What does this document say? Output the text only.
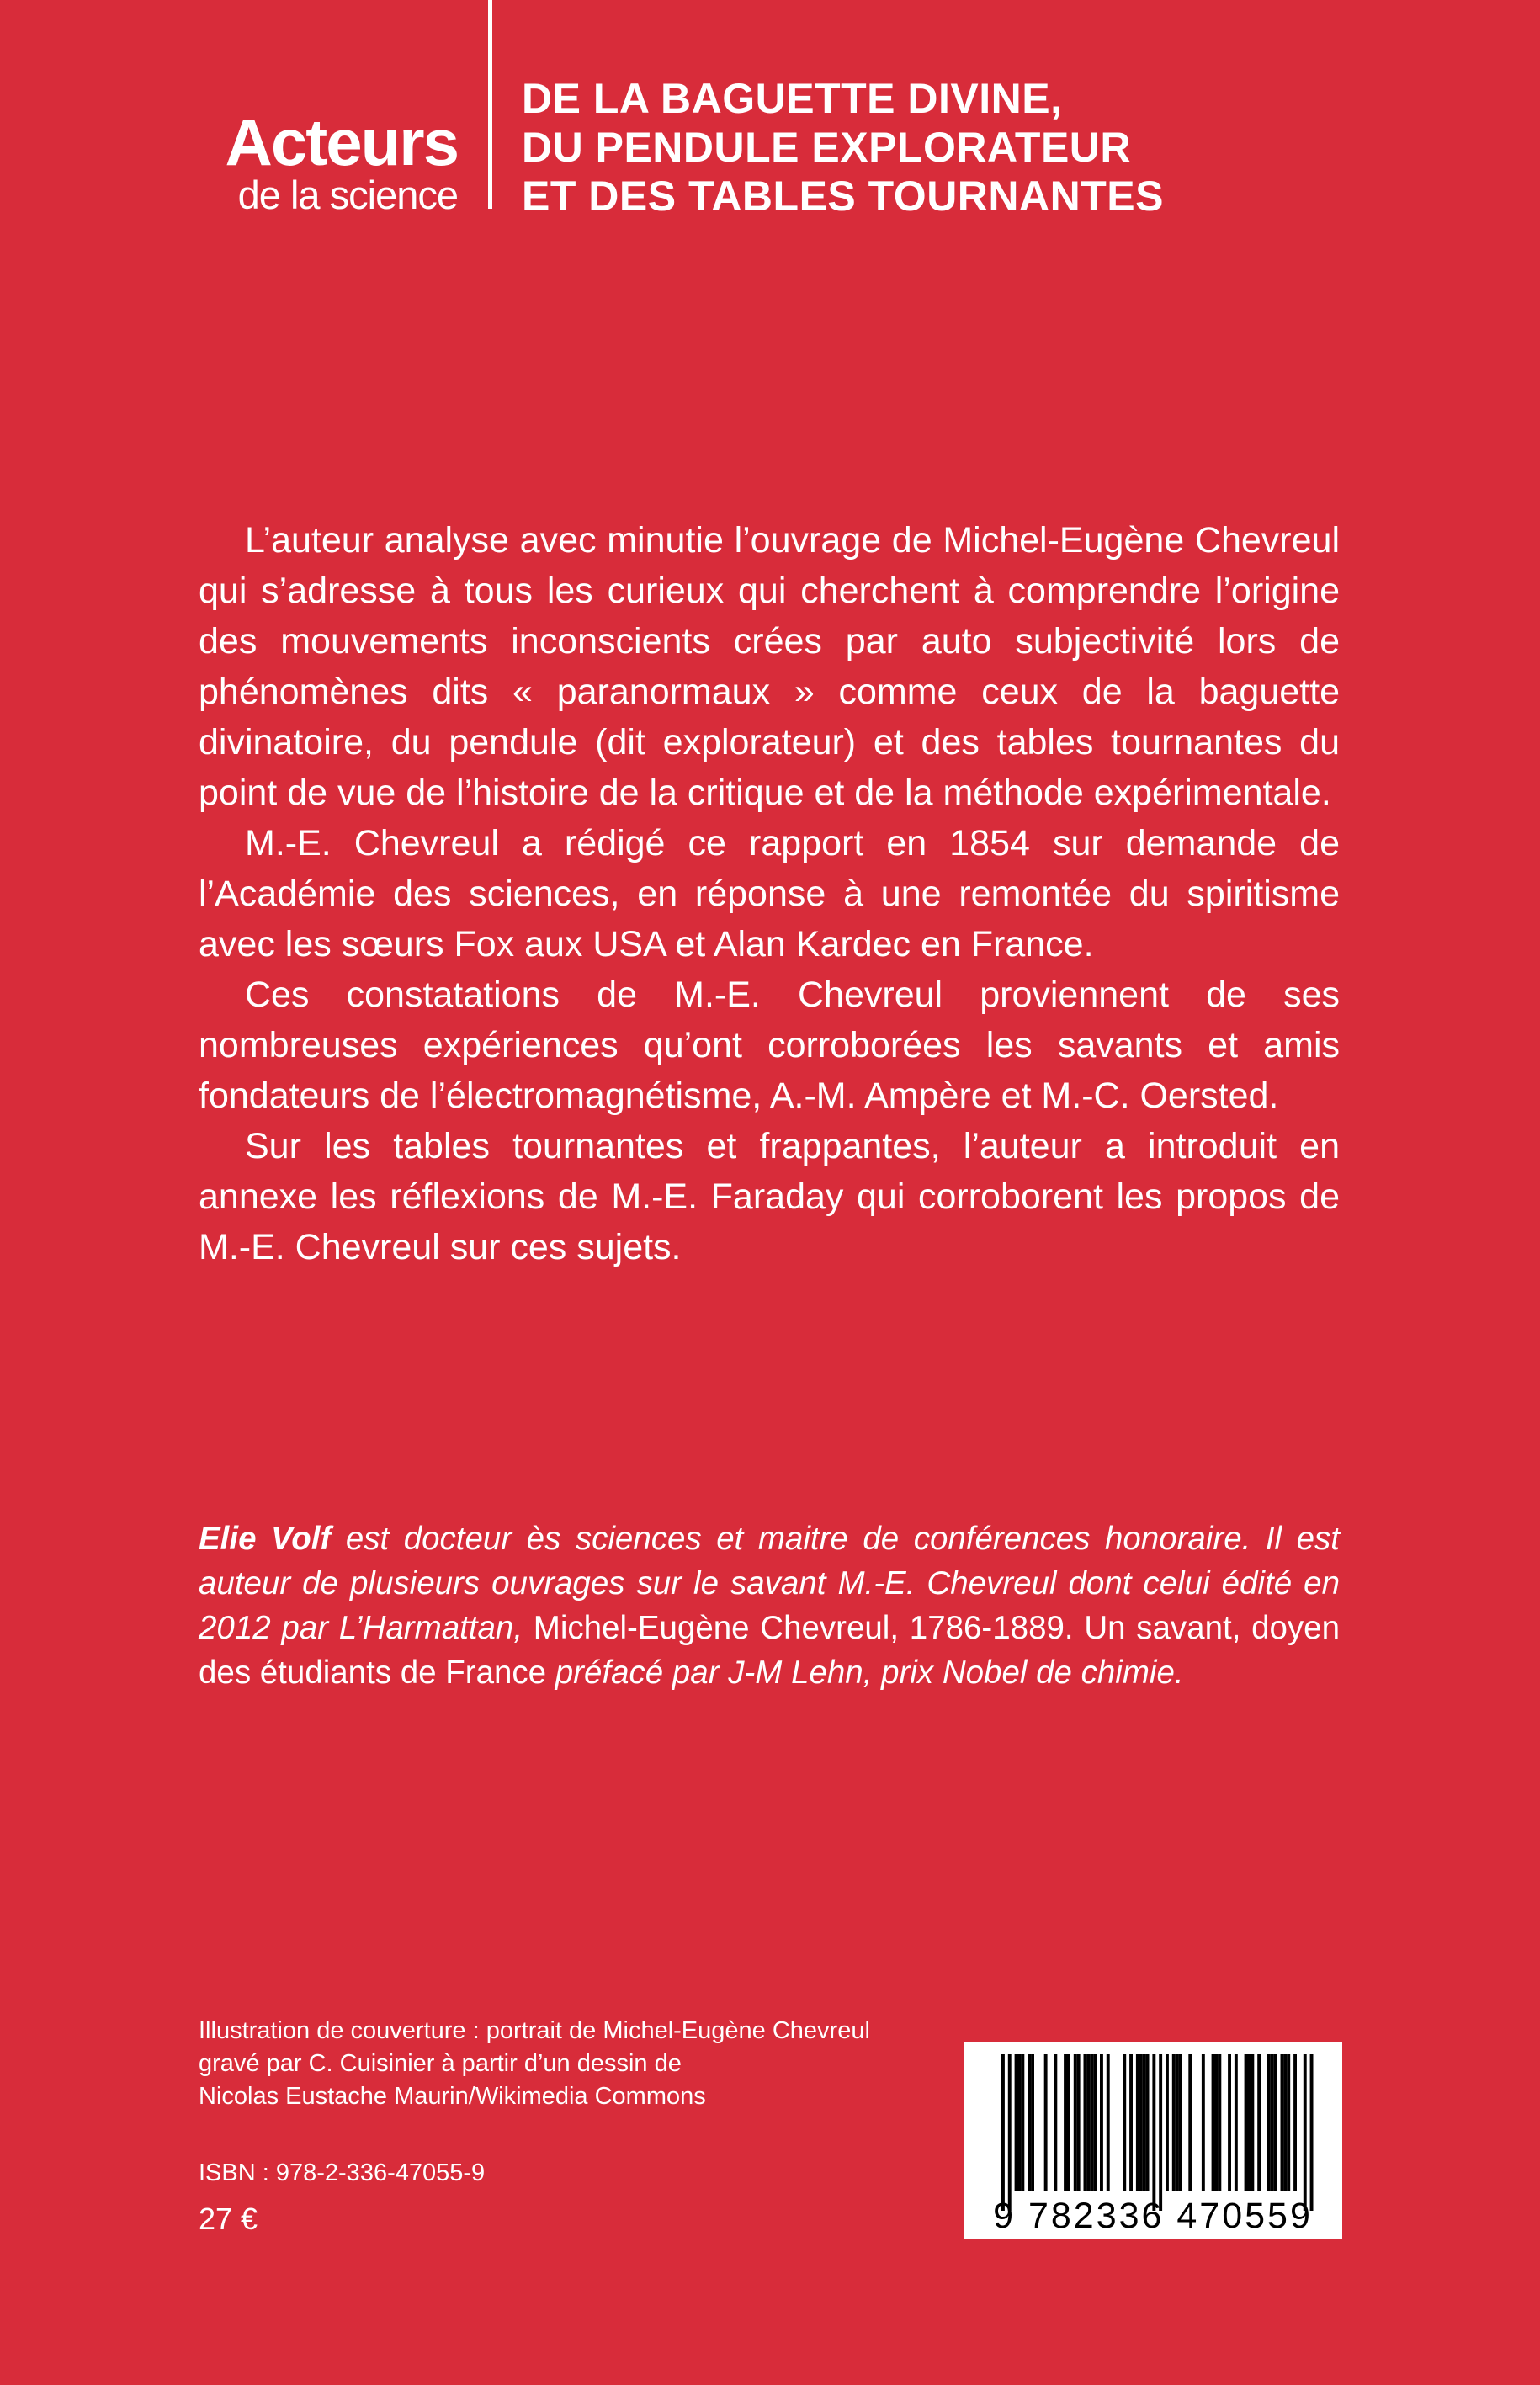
Acteurs
de la science
DE LA BAGUETTE DIVINE,
DU PENDULE EXPLORATEUR
ET DES TABLES TOURNANTES

L’auteur analyse avec minutie l’ouvrage de Michel-Eugène Chevreul qui s’adresse à tous les curieux qui cherchent à comprendre l’origine des mouvements inconscients crées par auto subjectivité lors de phénomènes dits « paranormaux » comme ceux de la baguette divinatoire, du pendule (dit explorateur) et des tables tournantes du point de vue de l’histoire de la critique et de la méthode expérimentale.

M.-E. Chevreul a rédigé ce rapport en 1854 sur demande de l’Académie des sciences, en réponse à une remontée du spiritisme avec les sœurs Fox aux USA et Alan Kardec en France.

Ces constatations de M.-E. Chevreul proviennent de ses nombreuses expériences qu’ont corroborées les savants et amis fondateurs de l’électromagnétisme, A.-M. Ampère et M.-C. Oersted.

Sur les tables tournantes et frappantes, l’auteur a introduit en annexe les réflexions de M.-E. Faraday qui corroborent les propos de M.-E. Chevreul sur ces sujets.

Elie Volf est docteur ès sciences et maitre de conférences honoraire. Il est auteur de plusieurs ouvrages sur le savant M.-E. Chevreul dont celui édité en 2012 par L’Harmattan, Michel-Eugène Chevreul, 1786-1889. Un savant, doyen des étudiants de France préfacé par J-M Lehn, prix Nobel de chimie.
Illustration de couverture : portrait de Michel-Eugène Chevreul
gravé par C. Cuisinier à partir d’un dessin de
Nicolas Eustache Maurin/Wikimedia Commons
ISBN : 978-2-336-47055-9
27 €	9 782336 470559
